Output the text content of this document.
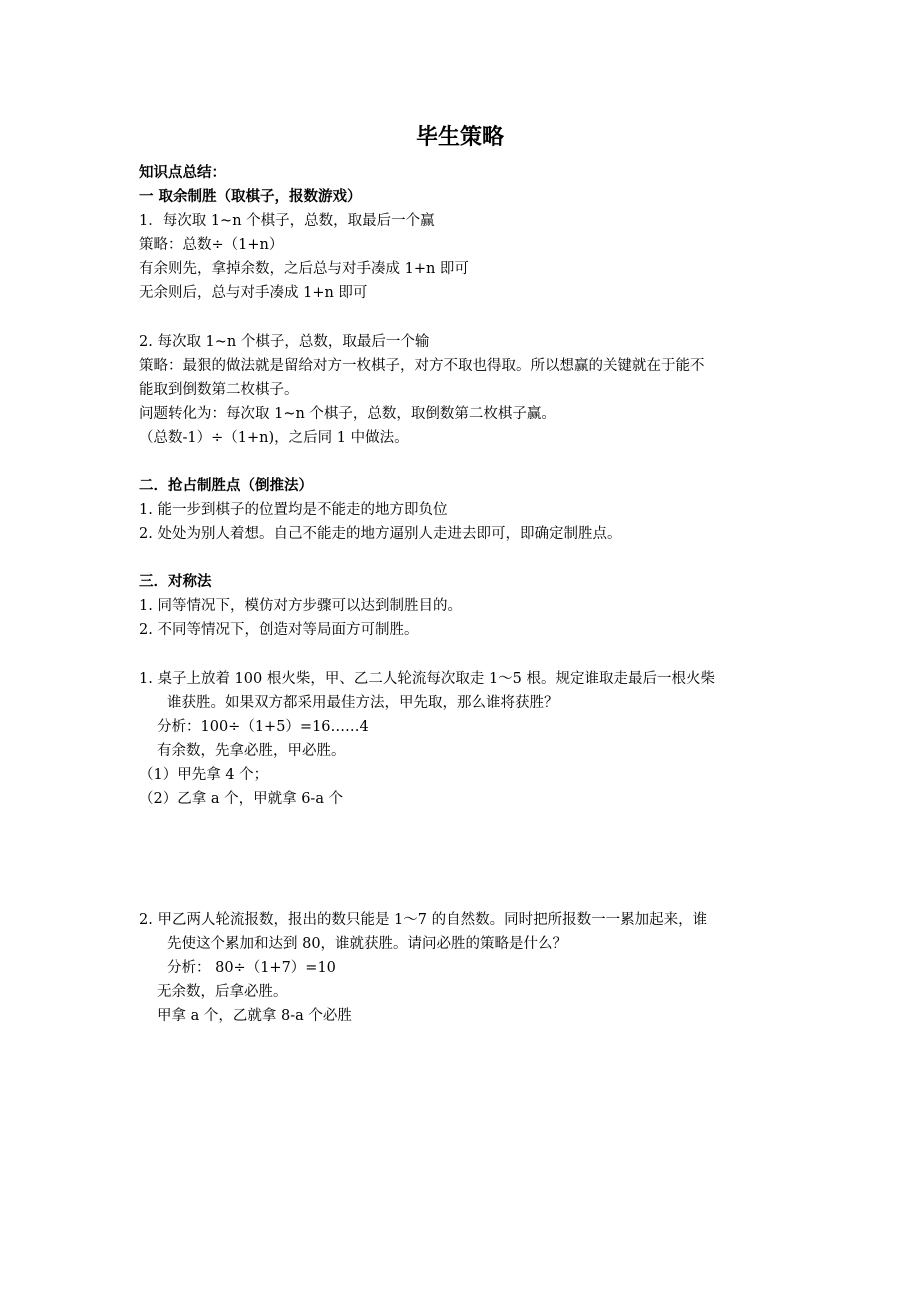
毕生策略
知识点总结：
一 取余制胜（取棋子，报数游戏）
1．每次取 1~n 个棋子，总数，取最后一个赢
策略：总数÷（1+n）
有余则先，拿掉余数，之后总与对手凑成 1+n 即可
无余则后，总与对手凑成 1+n 即可
2. 每次取 1~n 个棋子，总数，取最后一个输
策略：最狠的做法就是留给对方一枚棋子，对方不取也得取。所以想赢的关键就在于能不
能取到倒数第二枚棋子。
问题转化为：每次取 1~n 个棋子，总数，取倒数第二枚棋子赢。
（总数-1）÷（1+n)，之后同 1 中做法。
二．抢占制胜点（倒推法）
1. 能一步到棋子的位置均是不能走的地方即负位
2. 处处为别人着想。自己不能走的地方逼别人走进去即可，即确定制胜点。
三．对称法
1. 同等情况下，模仿对方步骤可以达到制胜目的。
2. 不同等情况下，创造对等局面方可制胜。
1. 桌子上放着 100 根火柴，甲、乙二人轮流每次取走 1～5 根。规定谁取走最后一根火柴
谁获胜。如果双方都采用最佳方法，甲先取，那么谁将获胜？
分析：100÷（1+5）=16……4
有余数，先拿必胜，甲必胜。
（1）甲先拿 4 个；
（2）乙拿 a 个，甲就拿 6-a 个
2. 甲乙两人轮流报数，报出的数只能是 1～7 的自然数。同时把所报数一一累加起来，谁
先使这个累加和达到 80，谁就获胜。请问必胜的策略是什么？
分析： 80÷（1+7）=10
无余数，后拿必胜。
甲拿 a 个，乙就拿 8-a 个必胜
